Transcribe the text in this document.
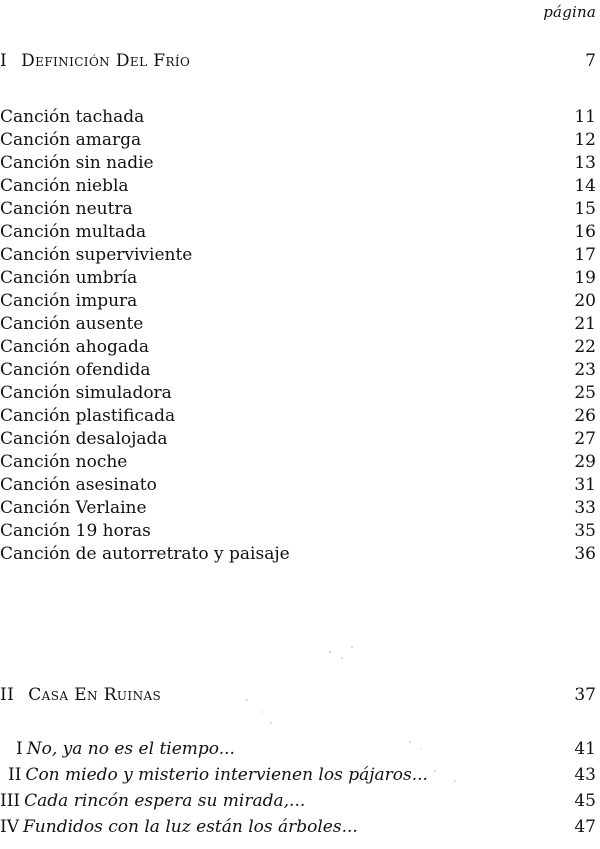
página
I Definición Del Frío	7
Canción tachada	11
Canción amarga	12
Canción sin nadie	13
Canción niebla	14
Canción neutra	15
Canción multada	16
Canción superviviente	17
Canción umbría	19
Canción impura	20
Canción ausente	21
Canción ahogada	22
Canción ofendida	23
Canción simuladora	25
Canción plastificada	26
Canción desalojada	27
Canción noche	29
Canción asesinato	31
Canción Verlaine	33
Canción 19 horas	35
Canción de autorretrato y paisaje	36
II Casa En Ruinas	37
I No, ya no es el tiempo...	41
II Con miedo y misterio intervienen los pájaros...	43
III Cada rincón espera su mirada,...	45
IV Fundidos con la luz están los árboles...	47
